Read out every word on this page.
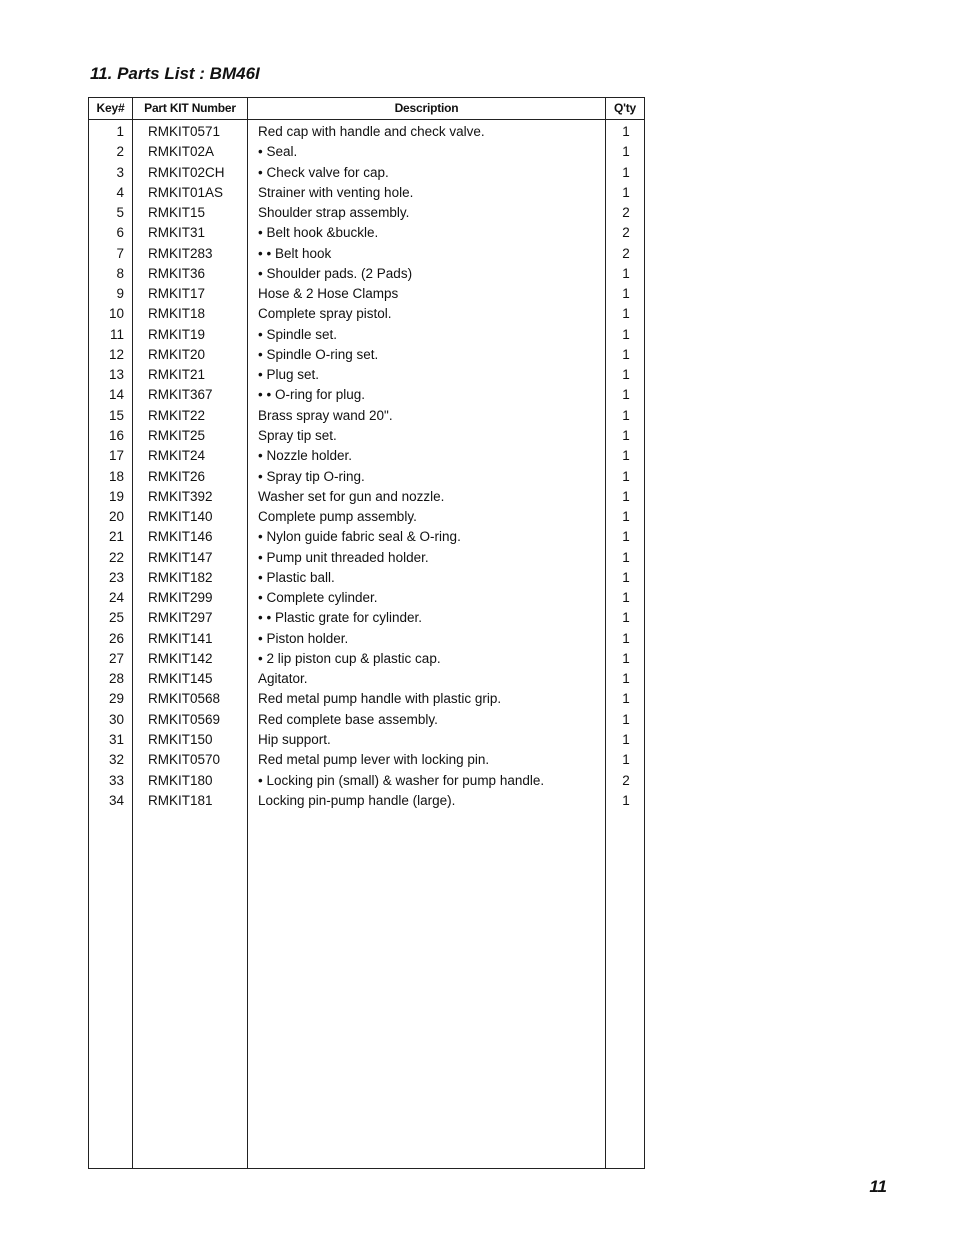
11. Parts List : BM46I
Key#	Part KIT Number	Description	Q'ty
1 RMKIT0571	Red cap with handle and check valve.	1
2 RMKIT02A	• Seal.	1
3 RMKIT02CH	• Check valve for cap.	1
4 RMKIT01AS	Strainer with venting hole.	1
5 RMKIT15	Shoulder strap assembly.	2
6 RMKIT31	• Belt hook &buckle.	2
7 RMKIT283	• • Belt hook	2
8 RMKIT36	• Shoulder pads. (2 Pads)	1
9 RMKIT17	Hose & 2 Hose Clamps	1
10 RMKIT18	Complete spray pistol.	1
11 RMKIT19	• Spindle set.	1
12 RMKIT20	• Spindle O-ring set.	1
13 RMKIT21	• Plug set.	1
14 RMKIT367	• • O-ring for plug.	1
15 RMKIT22	Brass spray wand 20".	1
16 RMKIT25	Spray tip set.	1
17 RMKIT24	• Nozzle holder.	1
18 RMKIT26	• Spray tip O-ring.	1
19 RMKIT392	Washer set for gun and nozzle.	1
20 RMKIT140	Complete pump assembly.	1
21 RMKIT146	• Nylon guide fabric seal & O-ring.	1
22 RMKIT147	• Pump unit threaded holder.	1
23 RMKIT182	• Plastic ball.	1
24 RMKIT299	• Complete cylinder.	1
25 RMKIT297	• • Plastic grate for cylinder.	1
26 RMKIT141	• Piston holder.	1
27 RMKIT142	• 2 lip piston cup & plastic cap.	1
28 RMKIT145	Agitator.	1
29 RMKIT0568	Red metal pump handle with plastic grip.	1
30 RMKIT0569	Red complete base assembly.	1
31 RMKIT150	Hip support.	1
32 RMKIT0570	Red metal pump lever with locking pin.	1
33 RMKIT180	• Locking pin (small) & washer for pump handle.	2
34 RMKIT181	Locking pin-pump handle (large).	1

11
